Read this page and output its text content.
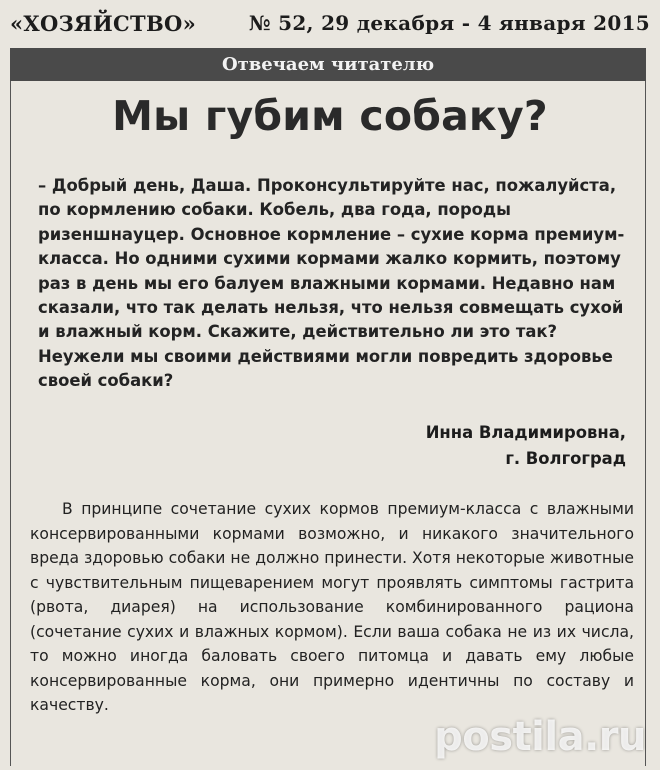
«ХОЗЯЙСТВО»	№ 52, 29 декабря - 4 января 2015
Отвечаем читателю
Мы губим собаку?

– Добрый день, Даша. Проконсультируйте нас, пожалуйста, по кормлению собаки. Кобель, два года, породы ризеншнауцер. Основное кормление – сухие корма премиум-класса. Но одними сухими кормами жалко кормить, поэтому раз в день мы его балуем влажными кормами. Недавно нам сказали, что так делать нельзя, что нельзя совмещать сухой и влажный корм. Скажите, действительно ли это так? Неужели мы своими действиями могли повредить здоровье своей собаки?

Инна Владимировна,
г. Волгоград

В принципе сочетание сухих кормов премиум-класса с влажными консервированными кормами возможно, и никакого значительного вреда здоровью собаки не должно принести. Хотя некоторые животные с чувствительным пищеварением могут проявлять симптомы гастрита (рвота, диарея) на использование комбинированного рациона (сочетание сухих и влажных кормом). Если ваша собака не из их числа, то можно иногда баловать своего питомца и давать ему любые консервированные корма, они примерно идентичны по составу и качеству.

postila.ru
